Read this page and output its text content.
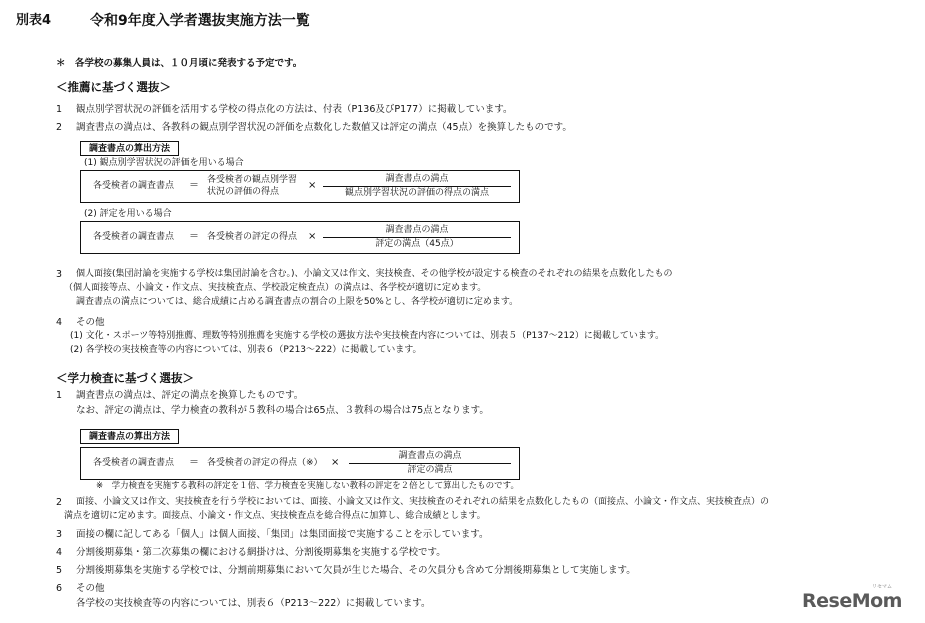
別表4	令和9年度入学者選抜実施方法一覧
＊　各学校の募集人員は、１０月頃に発表する予定です。
＜推薦に基づく選抜＞
1 観点別学習状況の評価を活用する学校の得点化の方法は、付表（P136及びP177）に掲載しています。
2 調査書点の満点は、各教科の観点別学習状況の評価を点数化した数値又は評定の満点（45点）を換算したものです。
調査書点の算出方法
(1) 観点別学習状況の評価を用いる場合
各受検者の調査書点 ＝ 各受検者の観点別学習
状況の評価の得点
×
調査書点の満点
観点別学習状況の評価の得点の満点
(2) 評定を用いる場合
各受検者の調査書点 ＝ 各受検者の評定の得点 ×
調査書点の満点
評定の満点（45点）
3 個人面接(集団討論を実施する学校は集団討論を含む。)、小論文又は作文、実技検査、その他学校が設定する検査のそれぞれの結果を点数化したもの
（個人面接等点、小論文・作文点、実技検査点、学校設定検査点）の満点は、各学校が適切に定めます。
調査書点の満点については、総合成績に占める調査書点の割合の上限を50%とし、各学校が適切に定めます。
4 その他
(1) 文化・スポーツ等特別推薦、理数等特別推薦を実施する学校の選抜方法や実技検査内容については、別表５（P137～212）に掲載しています。
(2) 各学校の実技検査等の内容については、別表６（P213～222）に掲載しています。
＜学力検査に基づく選抜＞
1 調査書点の満点は、評定の満点を換算したものです。
なお、評定の満点は、学力検査の教科が５教科の場合は65点、３教科の場合は75点となります。
調査書点の算出方法
各受検者の調査書点 ＝ 各受検者の評定の得点（※） ×
調査書点の満点
評定の満点
※　学力検査を実施する教科の評定を１倍、学力検査を実施しない教科の評定を２倍として算出したものです。
2 面接、小論文又は作文、実技検査を行う学校においては、面接、小論文又は作文、実技検査のそれぞれの結果を点数化したもの（面接点、小論文・作文点、実技検査点）の
満点を適切に定めます。面接点、小論文・作文点、実技検査点を総合得点に加算し、総合成績とします。
3 面接の欄に記してある「個人」は個人面接、「集団」は集団面接で実施することを示しています。
4 分割後期募集・第二次募集の欄における網掛けは、分割後期募集を実施する学校です。
5 分割後期募集を実施する学校では、分割前期募集において欠員が生じた場合、その欠員分も含めて分割後期募集として実施します。
6 その他
各学校の実技検査等の内容については、別表６（P213～222）に掲載しています。	ReseMom
リセマム
